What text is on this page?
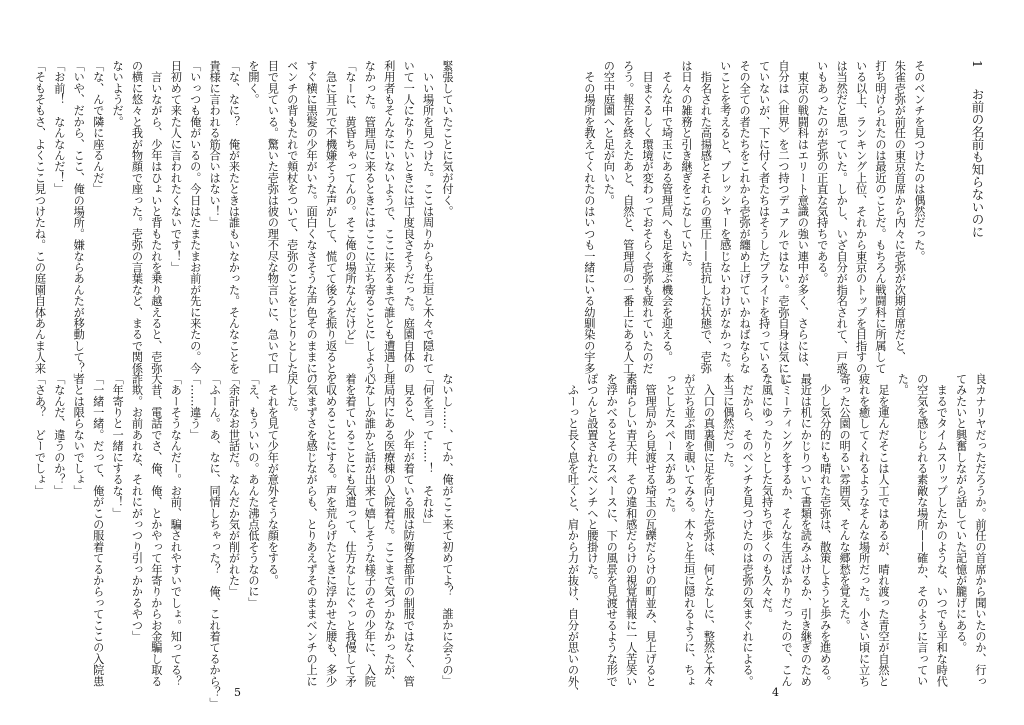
1 お前の名前も知らないのに
そのベンチを見つけたのは偶然だった。
朱雀壱弥が前任の東京首席から内々に壱弥が次期首席だと、
打ち明けられたのは最近のことだ。もちろん戦闘科に所属して
いる以上、ランキング上位、それから東京のトップを目指すの
は当然だと思っていた。しかし、いざ自分が指名されて、戸惑
いもあったのが壱弥の正直な気持ちである。
　東京の戦闘科はエリート意識の強い連中が多く、さらには、
自分は〈世界〉を二つ持つデュアルではない。壱弥自身は気にし
ていないが、下に付く者たちはそうしたプライドを持っている。
その全ての者たちをこれから壱弥が纏め上げていかねばならな
いことを考えると、プレッシャーを感じないわけがなかった。
　指名された高揚感とそれらの重圧——拮抗した状態で、壱弥
は日々の雑務と引き継ぎをこなしていた。
　そんな中で埼玉にある管理局へも足を運ぶ機会を迎える。
　目まぐるしく環境が変わっておそらく壱弥も疲れていたのだ
ろう。報告を終えたあと、自然と、管理局の一番上にある人工
の空中庭園へと足が向いた。
　その場所を教えてくれたのはいつも一緒にいる幼馴染の宇多
良カナリヤだっただろうか。前任の首席から聞いたのか、行っ
てみたいと興奮しながら話していた記憶が朧げにある。
　まるでタイムスリップしたかのような、いつでも平和な時代
の空気を感じられる素敵な場所——確か、そのように言ってい
た。
　足を運んだそこは人工ではあるが、晴れ渡った青空が自然と
疲れを癒してくれるようなそんな場所だった。小さい頃に立ち
寄った公園の明るい雰囲気、そんな郷愁を覚えた。
　少し気分的にも晴れた壱弥は、散策しようと歩みを進める。
最近は机にかじりついて書類を読みふけるか、引き継ぎのため
にミーティングをするか、そんな生活ばかりだったので、こん
な風にゆったりとした気持ちで歩くのも久々だ。
　だから、そのベンチを見つけたのは壱弥の気まぐれによる。
本当に偶然だった。
　入口の真裏側に足を向けた壱弥は、何となしに、整然と木々
が立ち並ぶ間を覗いてみる。木々と生垣に隠れるように、ちょ
っとしたスペースがあった。
　管理局から見渡せる埼玉の瓦礫だらけの町並み、見上げると
素晴らしい青天井、その違和感だらけの視覚情報に一人苦笑い
を浮かべるとそのスペースに、下の風景を見渡せるような形で
ぽつんと設置されたベンチへと腰掛けた。
　ふーっと長く息を吐くと、肩から力が抜け、自分が思いの外、
緊張していたことに気が付く。
　いい場所を見つけた。ここは周りからも生垣と木々で隠れて
いて一人になりたいときには丁度良さそうだった。庭園自体の
利用者もそんなにいないようで、ここに来るまで誰とも遭遇し
なかった。管理局に来るときにはここに立ち寄ることにしよう。
「なーに、黄昏ちゃってんの。そこ俺の場所なんだけど」
　急に耳元で不機嫌そうな声がして、慌てて後ろを振り返ると、
すぐ横に黒髪の少年がいた。面白くなさそうな声色そのままに、
ベンチの背もたれで頬杖をついて、壱弥のことをじとりとした
目で見ている。驚いた壱弥は彼の理不尽な物言いに、急いで口
を開く。
「な、なに？　俺が来たときは誰もいなかった。そんなことを
貴様に言われる筋合いはない！」
「いっつも俺がいるの。今日はたまたまお前が先に来たの。今
日初めて来た人に言われたくないです！」
　言いながら、少年はひょいと背もたれを乗り越えると、壱弥
の横に悠々と我が物顔で座った。壱弥の言葉など、まるで関係
ないようだ。
「な、んで隣に座るんだ」
「いや、だから、ここ、俺の場所。嫌ならあんたが移動して？」
「お前！　なんなんだ！」
「そもそもさ、よくここ見つけたね。この庭園自体あんま人来
ないし……、てか、俺がここ来て初めてよ？　誰かに会うの」
「何を言って……！　それは」
　見ると、少年が着ている服は防衛各都市の制服ではなく、管
理局内にある医療棟の入院着だ。ここまで気づかなかったが、
心なしか誰かと話が出来て嬉しそうな様子のその少年に、入院
着を着ていることにも気遣って、仕方なしにぐっと我慢して矛
を収めることにする。声を荒らげたときに浮かせた腰も、多少
の気まずさを感じながらも、とりあえずそのままベンチの上に
戻した。
　それを見て少年が意外そうな顔をする。
「え、もういいの。あんた沸点低そうなのに」
「余計なお世話だ。なんだか気が削がれた」
「ふーん。あ、なに、同情しちゃった？　俺、これ着てるから？」
「……違う」
「あーそうなんだー。お前、騙されやすいでしょ。知ってる？
大昔、電話でさ、俺、俺、とかやって年寄りからお金騙し取る
詐欺。お前あれな、それにがっつり引っかかるやつ」
「年寄りと一緒にするな！」
「一緒一緒。だって、俺がこの服着てるからってここの入院患
者とは限らないでしょ」
「なんだ、違うのか？」
「さあ？　どーでしょ」
5	4
